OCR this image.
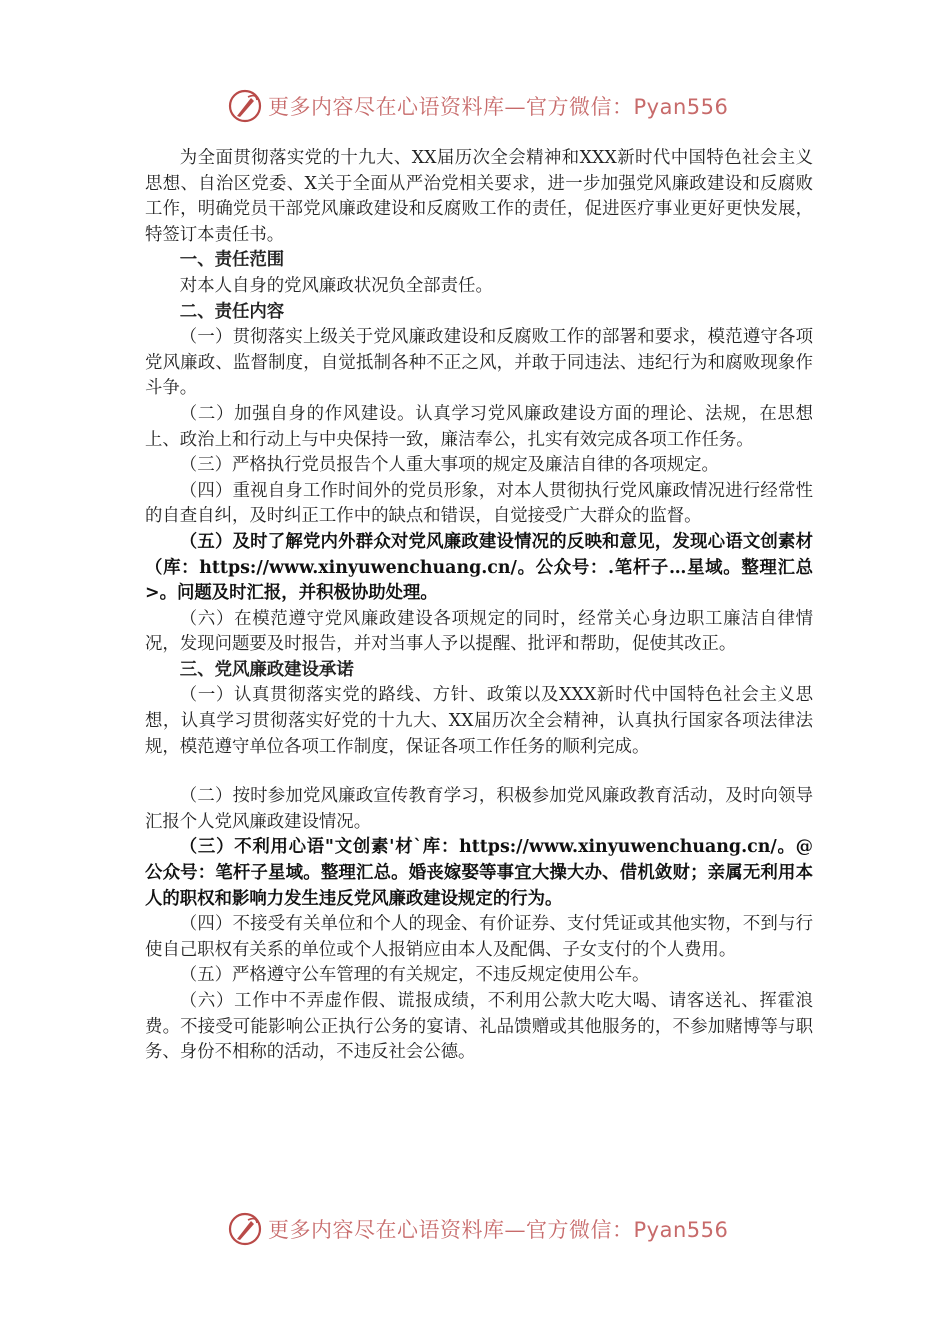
更多内容尽在心语资料库—官方微信：Pyan556

为全面贯彻落实党的十九大、XX届历次全会精神和XXX新时代中国特色社会主义思想、自治区党委、X关于全面从严治党相关要求，进一步加强党风廉政建设和反腐败工作，明确党员干部党风廉政建设和反腐败工作的责任，促进医疗事业更好更快发展，特签订本责任书。

一、责任范围

对本人自身的党风廉政状况负全部责任。

二、责任内容

（一）贯彻落实上级关于党风廉政建设和反腐败工作的部署和要求，模范遵守各项党风廉政、监督制度，自觉抵制各种不正之风，并敢于同违法、违纪行为和腐败现象作斗争。

（二）加强自身的作风建设。认真学习党风廉政建设方面的理论、法规，在思想上、政治上和行动上与中央保持一致，廉洁奉公，扎实有效完成各项工作任务。

（三）严格执行党员报告个人重大事项的规定及廉洁自律的各项规定。

（四）重视自身工作时间外的党员形象，对本人贯彻执行党风廉政情况进行经常性的自查自纠，及时纠正工作中的缺点和错误，自觉接受广大群众的监督。

（五）及时了解党内外群众对党风廉政建设情况的反映和意见，发现心语文创素材（库：https://www.xinyuwenchuang.cn/。公众号：.笔杆子…星域。整理汇总>。问题及时汇报，并积极协助处理。

（六）在模范遵守党风廉政建设各项规定的同时，经常关心身边职工廉洁自律情况，发现问题要及时报告，并对当事人予以提醒、批评和帮助，促使其改正。

三、党风廉政建设承诺

（一）认真贯彻落实党的路线、方针、政策以及XXX新时代中国特色社会主义思想，认真学习贯彻落实好党的十九大、XX届历次全会精神，认真执行国家各项法律法规，模范遵守单位各项工作制度，保证各项工作任务的顺利完成。

（二）按时参加党风廉政宣传教育学习，积极参加党风廉政教育活动，及时向领导汇报个人党风廉政建设情况。

（三）不利用心语"文创素'材`库：https://www.xinyuwenchuang.cn/。@公众号：笔杆子星域。整理汇总。婚丧嫁娶等事宜大操大办、借机敛财；亲属无利用本人的职权和影响力发生违反党风廉政建设规定的行为。

（四）不接受有关单位和个人的现金、有价证券、支付凭证或其他实物，不到与行使自己职权有关系的单位或个人报销应由本人及配偶、子女支付的个人费用。

（五）严格遵守公车管理的有关规定，不违反规定使用公车。

（六）工作中不弄虚作假、谎报成绩，不利用公款大吃大喝、请客送礼、挥霍浪费。不接受可能影响公正执行公务的宴请、礼品馈赠或其他服务的，不参加赌博等与职务、身份不相称的活动，不违反社会公德。

更多内容尽在心语资料库—官方微信：Pyan556
